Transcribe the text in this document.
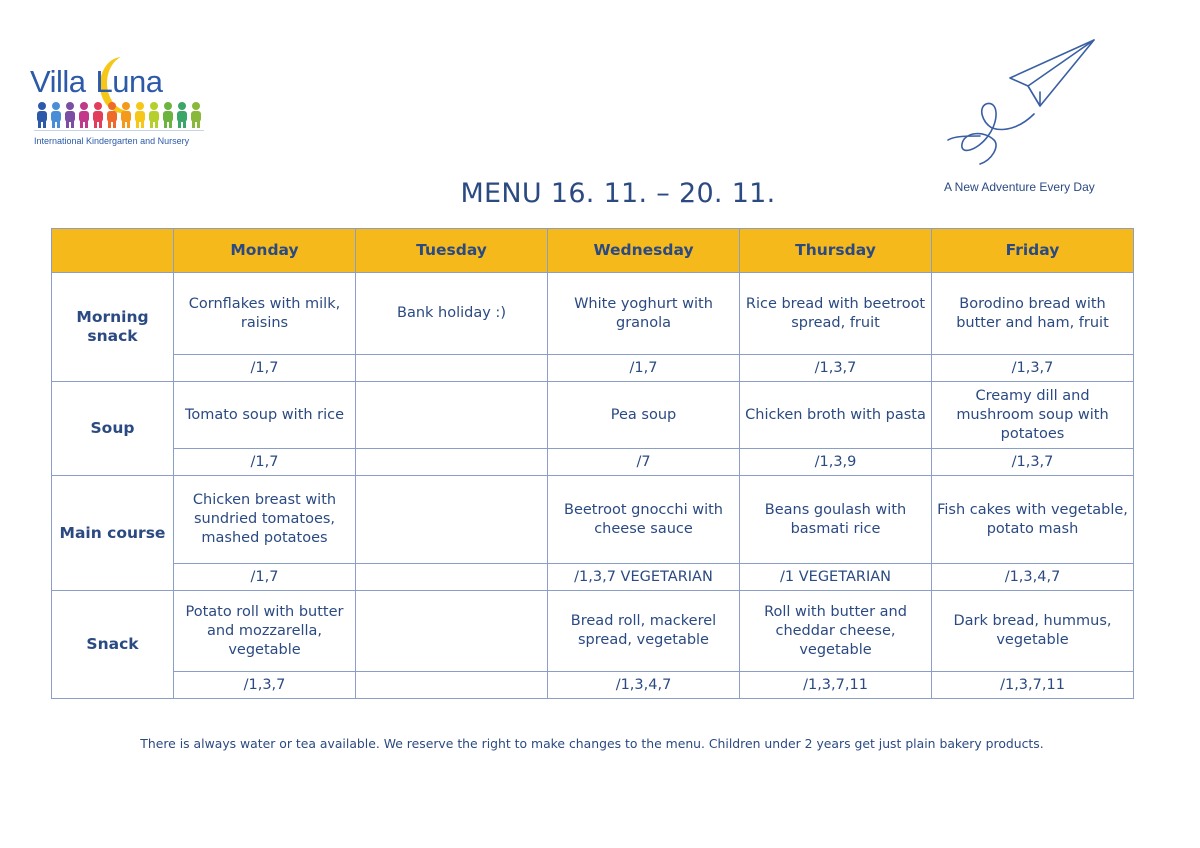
Villa Luna
International Kindergarten and Nursery
A New Adventure Every Day
MENU 16. 11. – 20. 11.
	Monday	Tuesday	Wednesday	Thursday	Friday
Morning snack	Cornflakes with milk, raisins	Bank holiday :)	White yoghurt with granola	Rice bread with beetroot spread, fruit	Borodino bread with butter and ham, fruit
	/1,7		/1,7	/1,3,7	/1,3,7
Soup	Tomato soup with rice		Pea soup	Chicken broth with pasta	Creamy dill and mushroom soup with potatoes
	/1,7		/7	/1,3,9	/1,3,7
Main course	Chicken breast with sundried tomatoes, mashed potatoes		Beetroot gnocchi with cheese sauce	Beans goulash with basmati rice	Fish cakes with vegetable, potato mash
	/1,7		/1,3,7 VEGETARIAN	/1 VEGETARIAN	/1,3,4,7
Snack	Potato roll with butter and mozzarella, vegetable		Bread roll, mackerel spread, vegetable	Roll with butter and cheddar cheese, vegetable	Dark bread, hummus, vegetable
	/1,3,7		/1,3,4,7	/1,3,7,11	/1,3,7,11
There is always water or tea available. We reserve the right to make changes to the menu. Children under 2 years get just plain bakery products.
